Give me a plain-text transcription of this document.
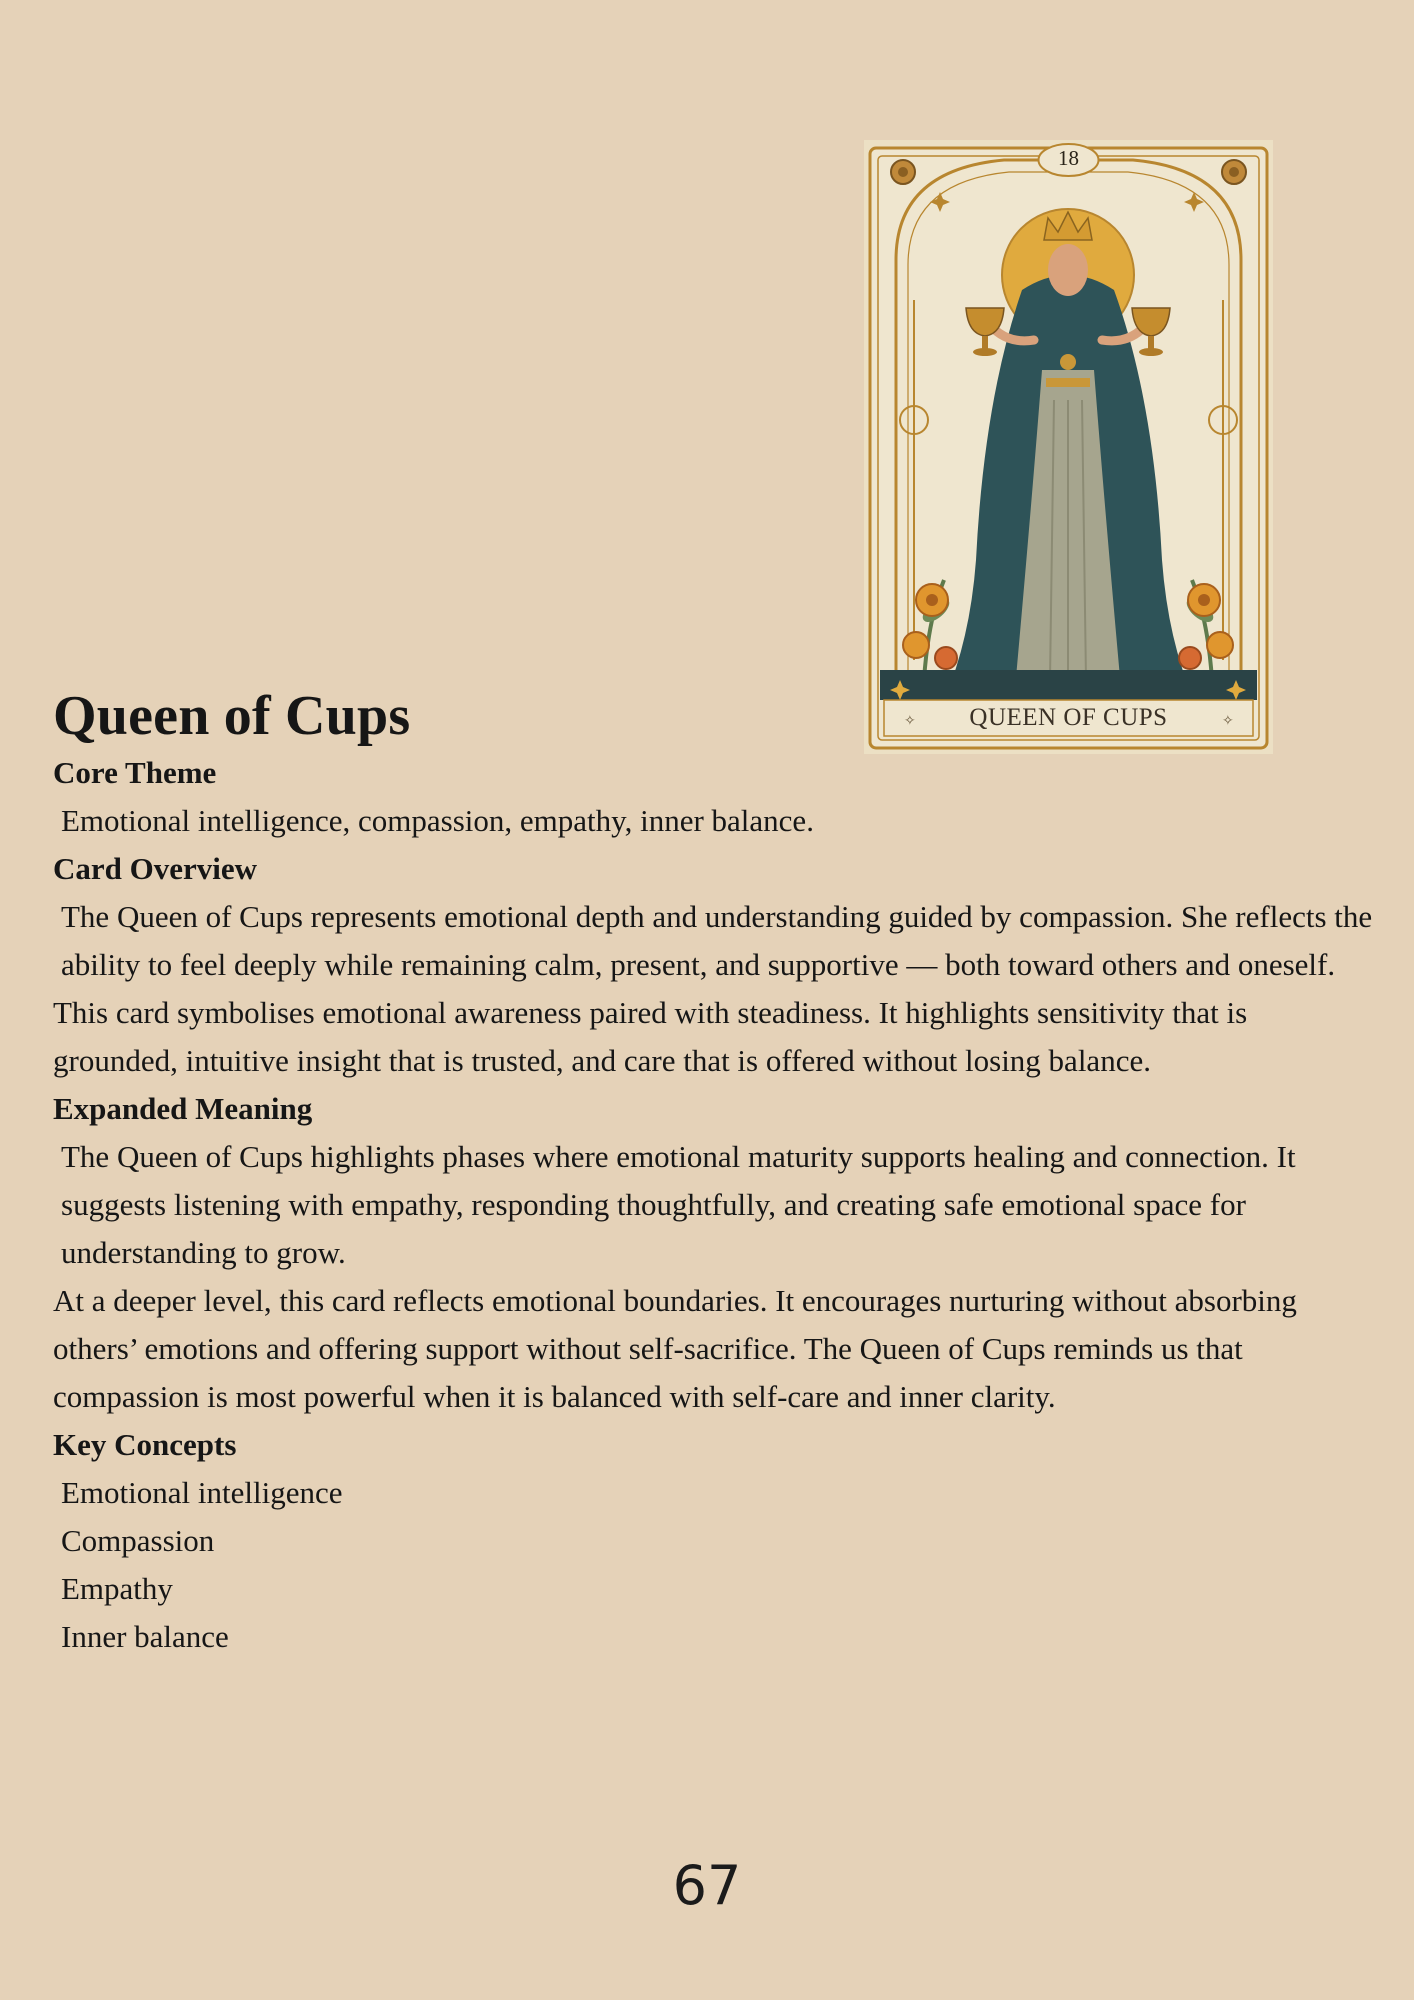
✧	✧
18
QUEEN OF CUPS
Queen of Cups
Core Theme
Emotional intelligence, compassion, empathy, inner balance.
Card Overview

The Queen of Cups represents emotional depth and understanding guided by compassion. She reflects the ability to feel deeply while remaining calm, present, and supportive — both toward others and oneself.

This card symbolises emotional awareness paired with steadiness. It highlights sensitivity that is grounded, intuitive insight that is trusted, and care that is offered without losing balance.

Expanded Meaning

The Queen of Cups highlights phases where emotional maturity supports healing and connection. It suggests listening with empathy, responding thoughtfully, and creating safe emotional space for understanding to grow.

At a deeper level, this card reflects emotional boundaries. It encourages nurturing without absorbing others’ emotions and offering support without self-sacrifice. The Queen of Cups reminds us that compassion is most powerful when it is balanced with self-care and inner clarity.

Key Concepts
Emotional intelligence
Compassion
Empathy
Inner balance
67
